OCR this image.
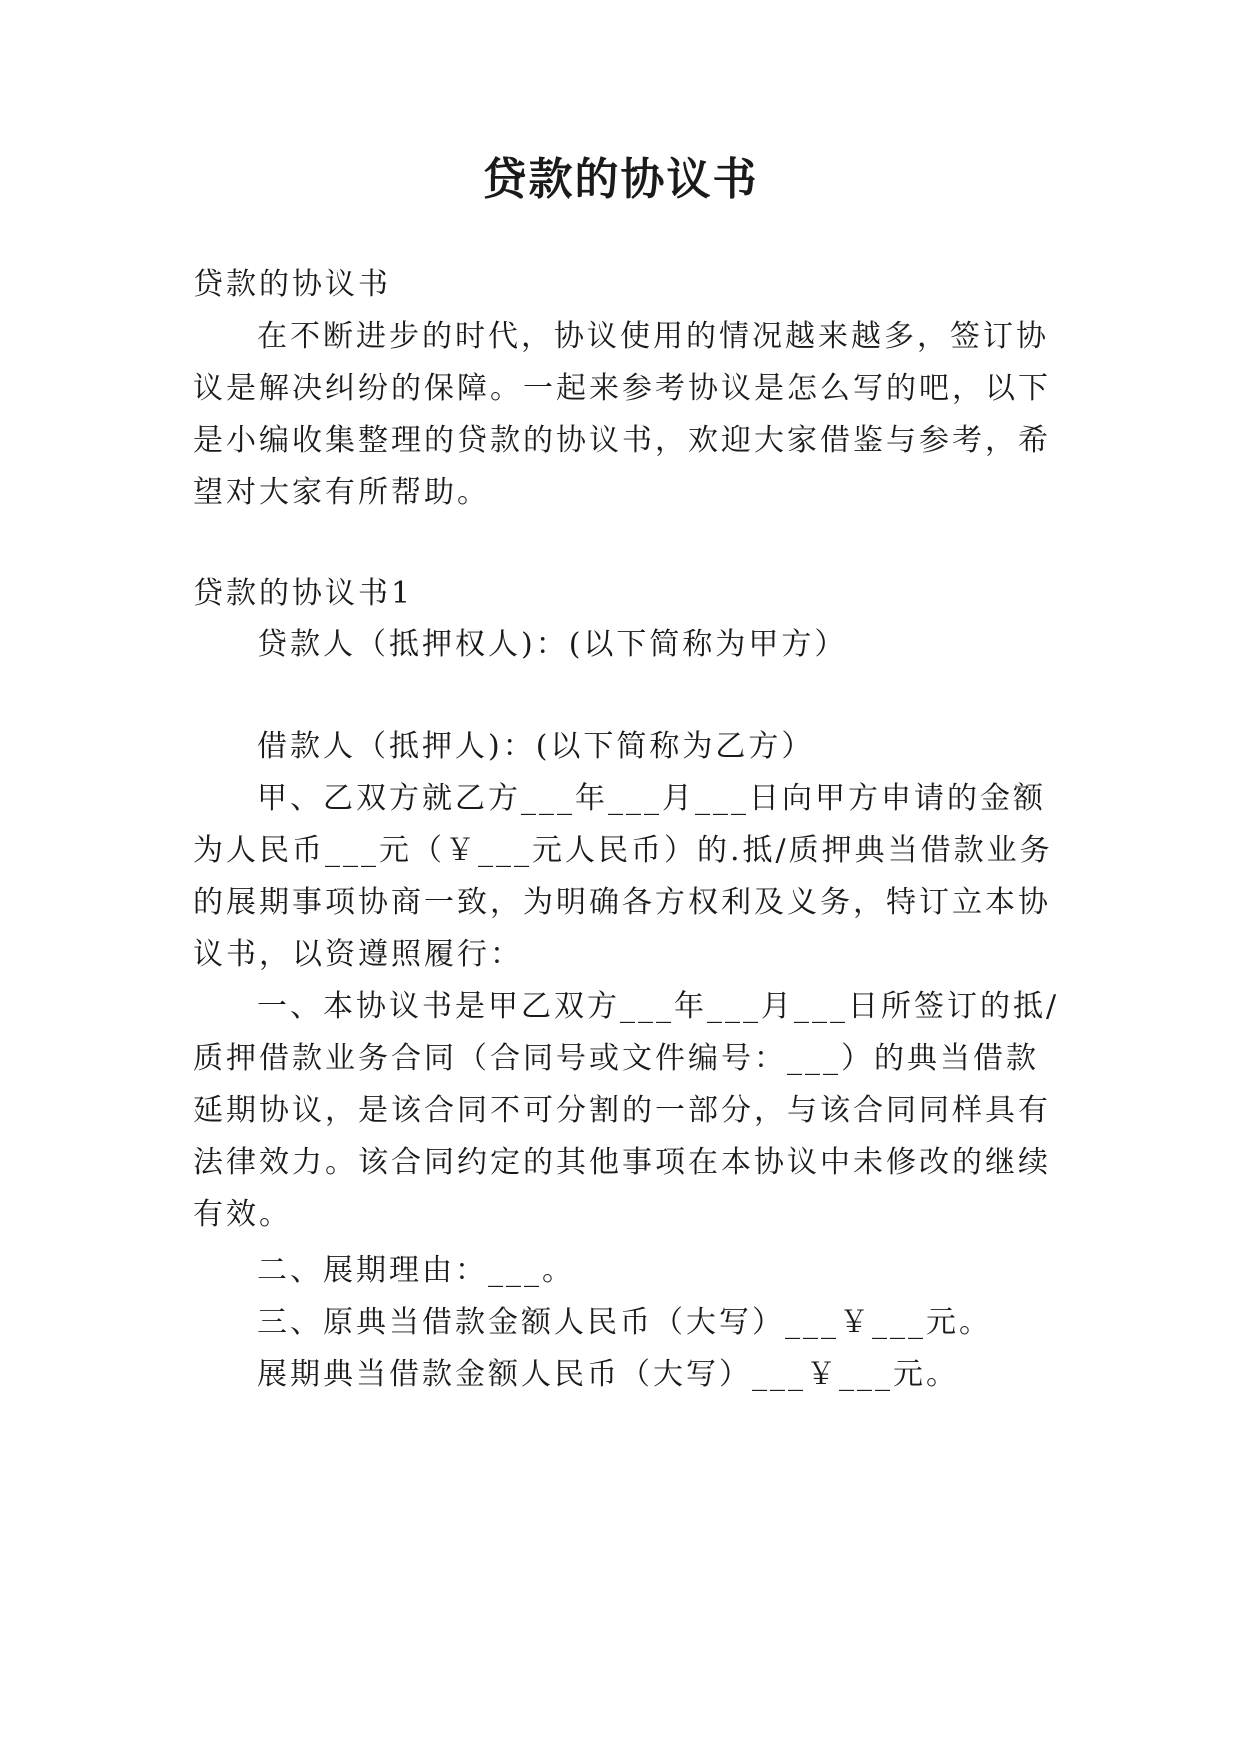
贷款的协议书
贷款的协议书
在不断进步的时代，协议使用的情况越来越多，签订协
议是解决纠纷的保障。一起来参考协议是怎么写的吧，以下
是小编收集整理的贷款的协议书，欢迎大家借鉴与参考，希
望对大家有所帮助。
贷款的协议书1
贷款人（抵押权人)：(以下简称为甲方）
借款人（抵押人)：(以下简称为乙方）
甲、乙双方就乙方___年___月___日向甲方申请的金额
为人民币___元（￥___元人民币）的.抵/质押典当借款业务
的展期事项协商一致，为明确各方权利及义务，特订立本协
议书，以资遵照履行：
一、本协议书是甲乙双方___年___月___日所签订的抵/
质押借款业务合同（合同号或文件编号：___）的典当借款
延期协议，是该合同不可分割的一部分，与该合同同样具有
法律效力。该合同约定的其他事项在本协议中未修改的继续
有效。
二、展期理由：___。
三、原典当借款金额人民币（大写）___￥___元。
展期典当借款金额人民币（大写）___￥___元。
